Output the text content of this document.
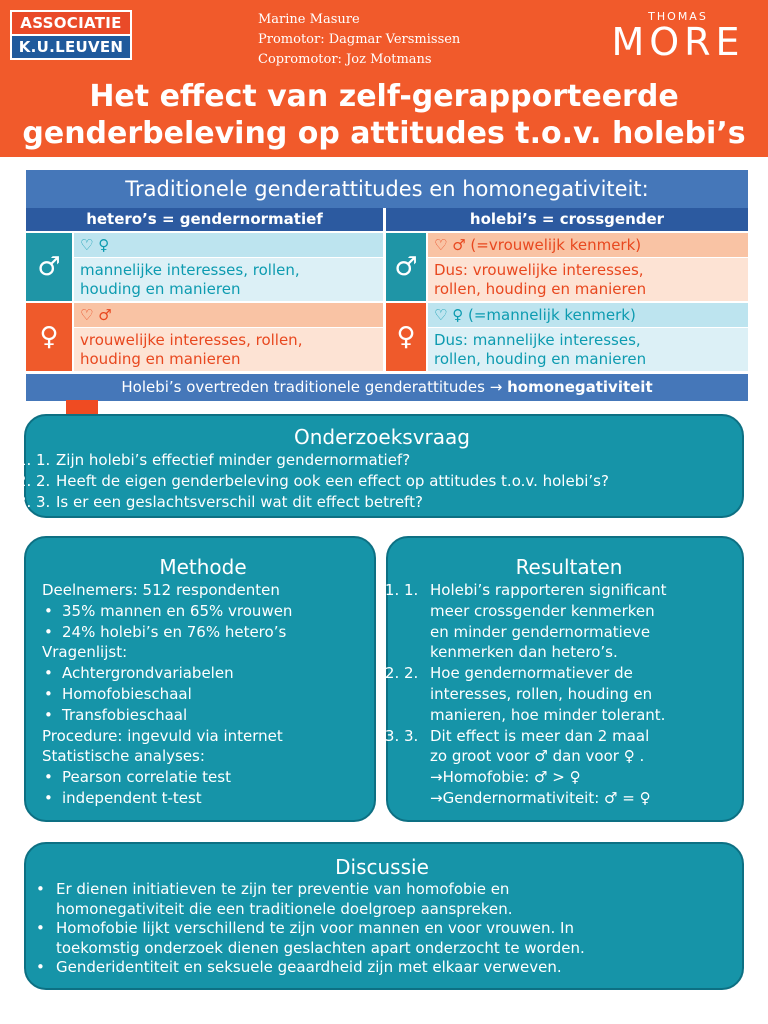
ASSOCIATIE
K.U.LEUVEN
Marine Masure
Promotor: Dagmar Versmissen
Copromotor: Joz Motmans
THOMAS
MORE
Het effect van zelf-gerapporteerde
genderbeleving op attitudes t.o.v. holebi’s
Traditionele genderattitudes en homonegativiteit:
hetero’s = gendernormatief	holebi’s = crossgender
♂
♡ ♀
mannelijke interesses, rollen,
houding en manieren
♀
♡ ♂
vrouwelijke interesses, rollen,
houding en manieren
♂
♡ ♂ (=vrouwelijk kenmerk)
Dus: vrouwelijke interesses,
rollen, houding en manieren
♀
♡ ♀ (=mannelijk kenmerk)
Dus: mannelijke interesses,
rollen, houding en manieren
Holebi’s overtreden traditionele genderattitudes → homonegativiteit
Onderzoeksvraag
1. 1. Zijn holebi’s effectief minder gendernormatief?
2. 2. Heeft de eigen genderbeleving ook een effect op attitudes t.o.v. holebi’s?
3. 3. Is er een geslachtsverschil wat dit effect betreft?
Methode
Deelnemers: 512 respondenten
• 35% mannen en 65% vrouwen
• 24% holebi’s en 76% hetero’s
Vragenlijst:
• Achtergrondvariabelen
• Homofobieschaal
• Transfobieschaal
Procedure: ingevuld via internet
Statistische analyses:
• Pearson correlatie test
• independent t-test
Resultaten
1. 1. Holebi’s rapporteren significant
meer crossgender kenmerken
en minder gendernormatieve
kenmerken dan hetero’s.
2. 2. Hoe gendernormatiever de
interesses, rollen, houding en
manieren, hoe minder tolerant.
3. 3. Dit effect is meer dan 2 maal
zo groot voor ♂ dan voor ♀ .
→Homofobie: ♂ > ♀
→Gendernormativiteit: ♂ = ♀
Discussie
• Er dienen initiatieven te zijn ter preventie van homofobie en
homonegativiteit die een traditionele doelgroep aanspreken.
• Homofobie lijkt verschillend te zijn voor mannen en voor vrouwen. In
toekomstig onderzoek dienen geslachten apart onderzocht te worden.
• Genderidentiteit en seksuele geaardheid zijn met elkaar verweven.
